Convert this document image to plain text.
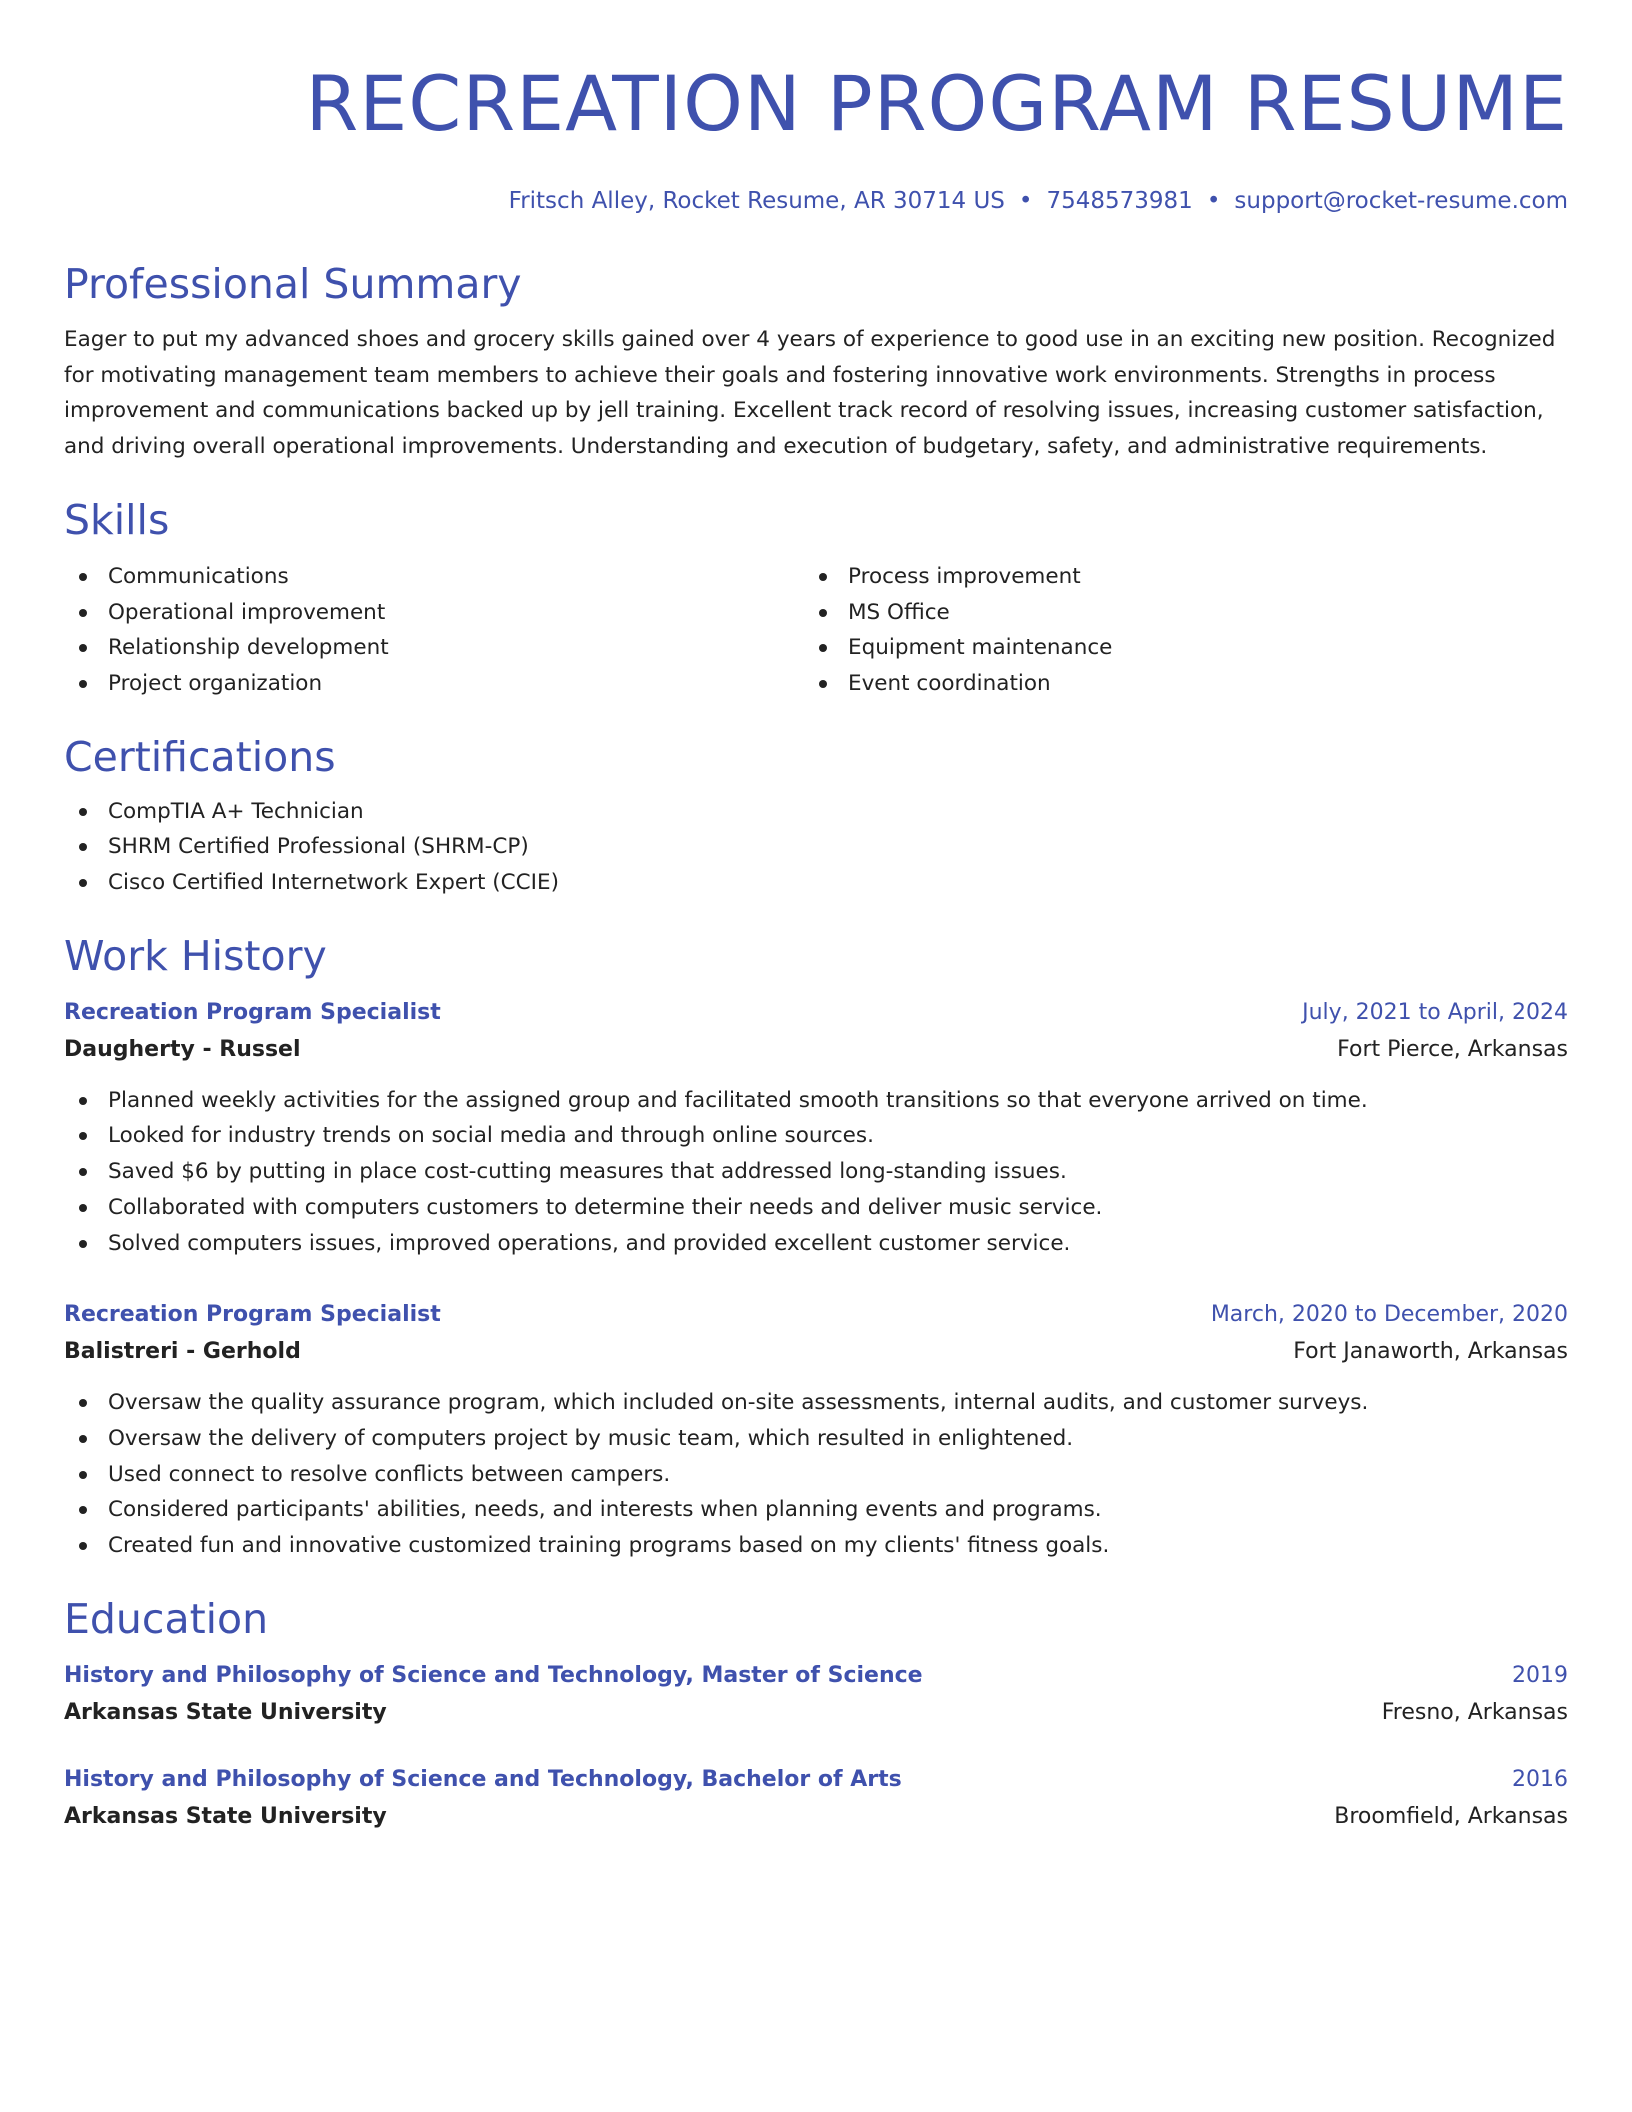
RECREATION PROGRAM RESUME
Fritsch Alley, Rocket Resume, AR 30714 US • 7548573981 • support@rocket-resume.com
Professional Summary

Eager to put my advanced shoes and grocery skills gained over 4 years of experience to good use in an exciting new position. Recognized for motivating management team members to achieve their goals and fostering innovative work environments. Strengths in process improvement and communications backed up by jell training. Excellent track record of resolving issues, increasing customer satisfaction, and driving overall operational improvements. Understanding and execution of budgetary, safety, and administrative requirements.

Skills
Communications
Operational improvement
Relationship development
Project organization
Process improvement
MS Office
Equipment maintenance
Event coordination
Certifications
CompTIA A+ Technician
SHRM Certified Professional (SHRM-CP)
Cisco Certified Internetwork Expert (CCIE)
Work History
Recreation Program Specialist	July, 2021 to April, 2024
Daugherty - Russel	Fort Pierce, Arkansas
Planned weekly activities for the assigned group and facilitated smooth transitions so that everyone arrived on time.
Looked for industry trends on social media and through online sources.
Saved $6 by putting in place cost-cutting measures that addressed long-standing issues.
Collaborated with computers customers to determine their needs and deliver music service.
Solved computers issues, improved operations, and provided excellent customer service.
Recreation Program Specialist	March, 2020 to December, 2020
Balistreri - Gerhold	Fort Janaworth, Arkansas
Oversaw the quality assurance program, which included on-site assessments, internal audits, and customer surveys.
Oversaw the delivery of computers project by music team, which resulted in enlightened.
Used connect to resolve conflicts between campers.
Considered participants' abilities, needs, and interests when planning events and programs.
Created fun and innovative customized training programs based on my clients' fitness goals.
Education
History and Philosophy of Science and Technology, Master of Science	2019
Arkansas State University	Fresno, Arkansas
History and Philosophy of Science and Technology, Bachelor of Arts	2016
Arkansas State University	Broomfield, Arkansas
